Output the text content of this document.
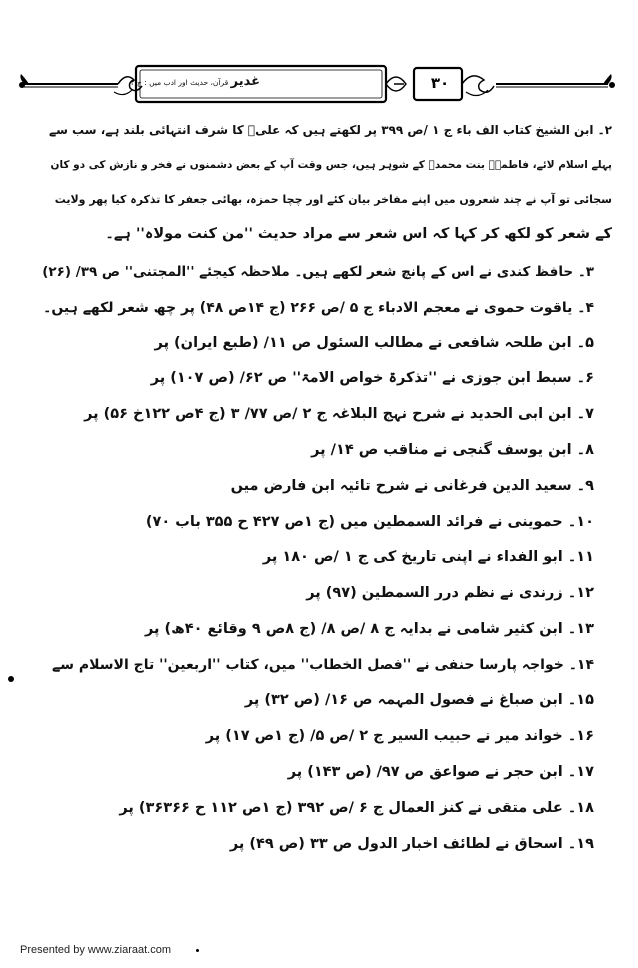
۳۰
غدیر قرآن، حدیث اور ادب میں : ج ۲
۲۔ ابن الشیخ کتاب الف باء ج ۱ /ص ۳۹۹ پر لکھتے ہیں کہ علیؑ کا شرف انتہائی بلند ہے، سب سے
پہلے اسلام لائے، فاطمہؑ بنت محمدؐ کے شوہر ہیں، جس وقت آپ کے بعض دشمنوں نے فخر و نازش کی دو کان
سجائی تو آپ نے چند شعروں میں اپنے مفاخر بیان کئے اور چچا حمزہ، بھائی جعفر کا تذکرہ کیا پھر ولایت
کے شعر کو لکھ کر کہا کہ اس شعر سے مراد حدیث ''من کنت مولاہ'' ہے۔
۳۔ حافظ کندی نے اس کے پانچ شعر لکھے ہیں۔ ملاحظہ کیجئے ''المجتنی'' ص ۳۹/ (۲۶)
۴۔ یاقوت حموی نے معجم الادباء ج ۵ /ص ۲۶۶ (ج ۱۴ص ۴۸) پر چھ شعر لکھے ہیں۔
۵۔ ابن طلحہ شافعی نے مطالب السئول ص ۱۱/ (طبع ایران) پر
۶۔ سبط ابن جوزی نے ''تذکرۃ خواص الامۃ'' ص ۶۲/ (ص ۱۰۷) پر
۷۔ ابن ابی الحدید نے شرح نہج البلاغہ ج ۲ /ص ۷۷/ ۳ (ج ۴ص ۱۲۲خ ۵۶) پر
۸۔ ابن یوسف گنجی نے مناقب ص ۱۴/ پر
۹۔ سعید الدین فرغانی نے شرح تائیہ ابن فارض میں
۱۰۔ حموینی نے فرائد السمطین میں (ج ۱ص ۴۲۷ ح ۳۵۵ باب ۷۰)
۱۱۔ ابو الفداء نے اپنی تاریخ کی ج ۱ /ص ۱۸۰ پر
۱۲۔ زرندی نے نظم درر السمطین (۹۷) پر
۱۳۔ ابن کثیر شامی نے بدایہ ج ۸ /ص ۸/ (ج ۸ص ۹ وقائع ۴۰ھ) پر
۱۴۔ خواجہ پارسا حنفی نے ''فصل الخطاب'' میں، کتاب ''اربعین'' تاج الاسلام سے
۱۵۔ ابن صباغ نے فصول المہمہ ص ۱۶/ (ص ۳۲) پر
۱۶۔ خواند میر نے حبیب السیر ج ۲ /ص ۵/ (ج ۱ص ۱۷) پر
۱۷۔ ابن حجر نے صواعق ص ۹۷/ (ص ۱۴۳) پر
۱۸۔ علی متقی نے کنز العمال ج ۶ /ص ۳۹۲ (ج ۱ص ۱۱۲ ح ۳۶۳۶۶) پر
۱۹۔ اسحاق نے لطائف اخبار الدول ص ۳۳ (ص ۴۹) پر
Presented by www.ziaraat.com
